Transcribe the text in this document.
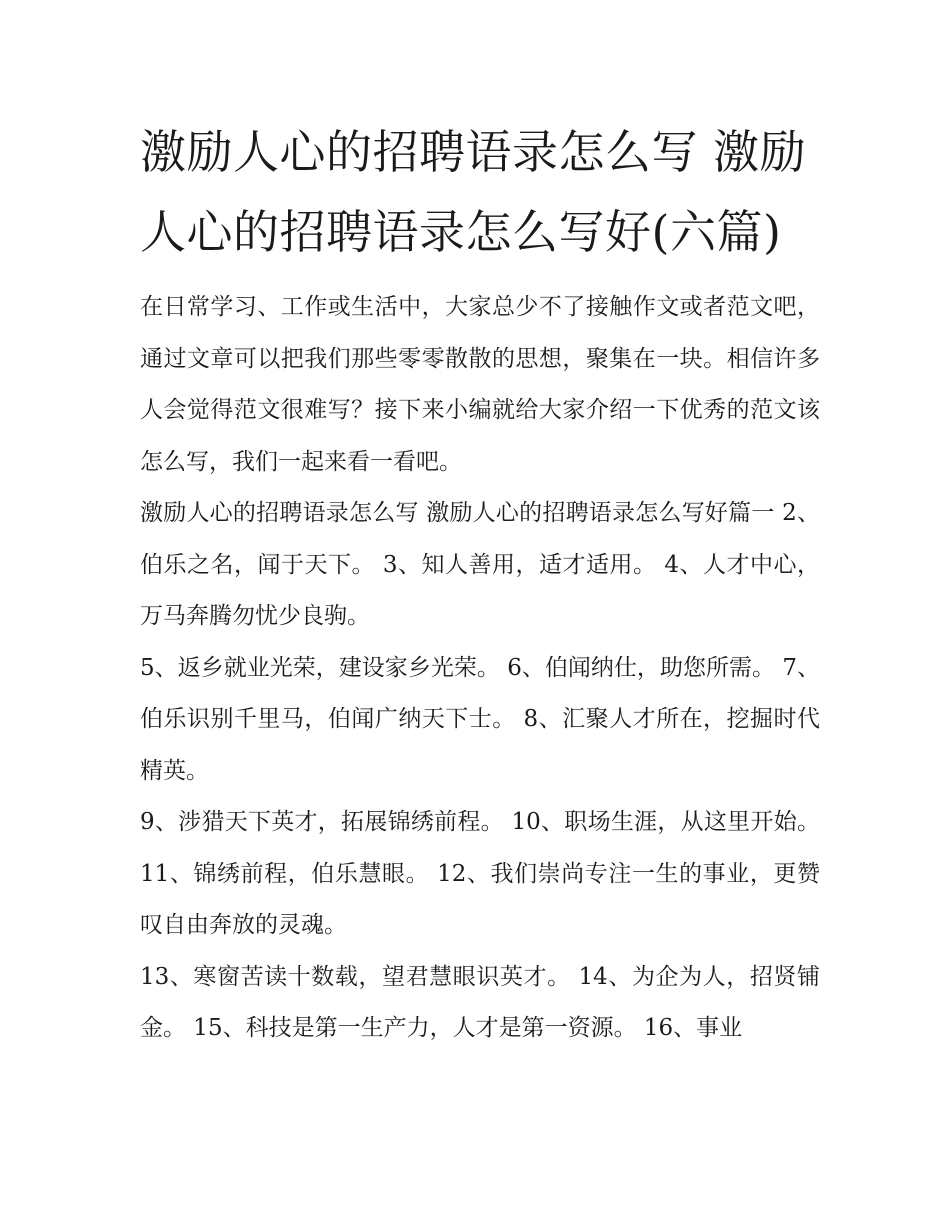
激励人心的招聘语录怎么写 激励人心的招聘语录怎么写好(六篇)

在日常学习、工作或生活中，大家总少不了接触作文或者范文吧，通过文章可以把我们那些零零散散的思想，聚集在一块。相信许多人会觉得范文很难写？接下来小编就给大家介绍一下优秀的范文该怎么写，我们一起来看一看吧。

激励人心的招聘语录怎么写 激励人心的招聘语录怎么写好篇一 2、伯乐之名，闻于天下。 3、知人善用，适才适用。 4、人才中心，万马奔腾勿忧少良驹。

5、返乡就业光荣，建设家乡光荣。 6、伯闻纳仕，助您所需。 7、伯乐识别千里马，伯闻广纳天下士。 8、汇聚人才所在，挖掘时代精英。

9、涉猎天下英才，拓展锦绣前程。 10、职场生涯，从这里开始。 11、锦绣前程，伯乐慧眼。 12、我们崇尚专注一生的事业，更赞叹自由奔放的灵魂。

13、寒窗苦读十数载，望君慧眼识英才。 14、为企为人，招贤铺金。 15、科技是第一生产力，人才是第一资源。 16、事业
